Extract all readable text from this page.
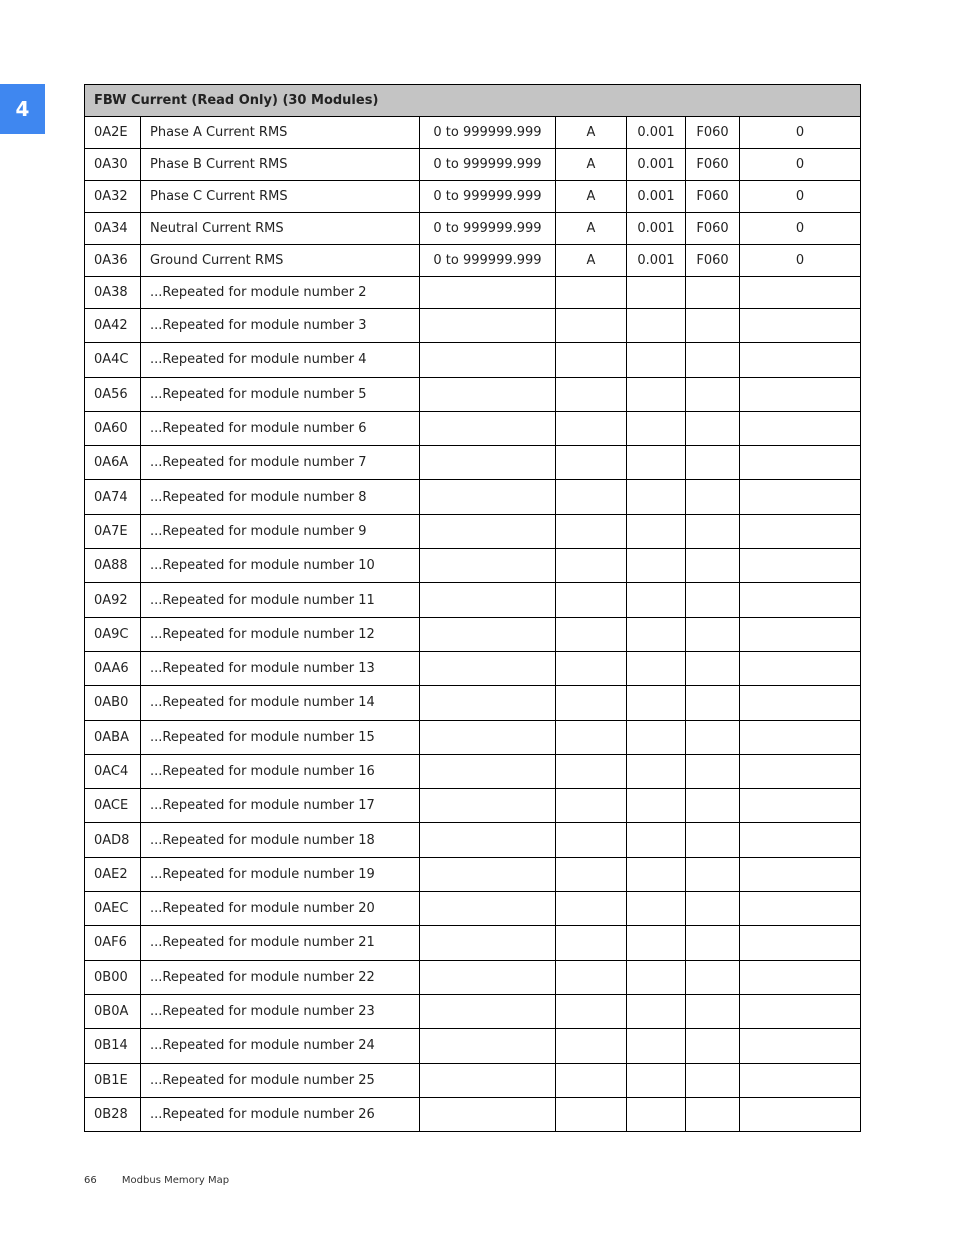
4	FBW Current (Read Only) (30 Modules)						
0A2E	Phase A Current RMS	0 to 999999.999	A	0.001	F060	0
0A30	Phase B Current RMS	0 to 999999.999	A	0.001	F060	0
0A32	Phase C Current RMS	0 to 999999.999	A	0.001	F060	0
0A34	Neutral Current RMS	0 to 999999.999	A	0.001	F060	0
0A36	Ground Current RMS	0 to 999999.999	A	0.001	F060	0
0A38	...Repeated for module number 2					
0A42	...Repeated for module number 3					
0A4C	...Repeated for module number 4					
0A56	...Repeated for module number 5					
0A60	...Repeated for module number 6					
0A6A	...Repeated for module number 7					
0A74	...Repeated for module number 8					
0A7E	...Repeated for module number 9					
0A88	...Repeated for module number 10					
0A92	...Repeated for module number 11					
0A9C	...Repeated for module number 12					
0AA6	...Repeated for module number 13					
0AB0	...Repeated for module number 14					
0ABA	...Repeated for module number 15					
0AC4	...Repeated for module number 16					
0ACE	...Repeated for module number 17					
0AD8	...Repeated for module number 18					
0AE2	...Repeated for module number 19					
0AEC	...Repeated for module number 20					
0AF6	...Repeated for module number 21					
0B00	...Repeated for module number 22					
0B0A	...Repeated for module number 23					
0B14	...Repeated for module number 24					
0B1E	...Repeated for module number 25					
0B28	...Repeated for module number 26					
66	Modbus Memory Map
